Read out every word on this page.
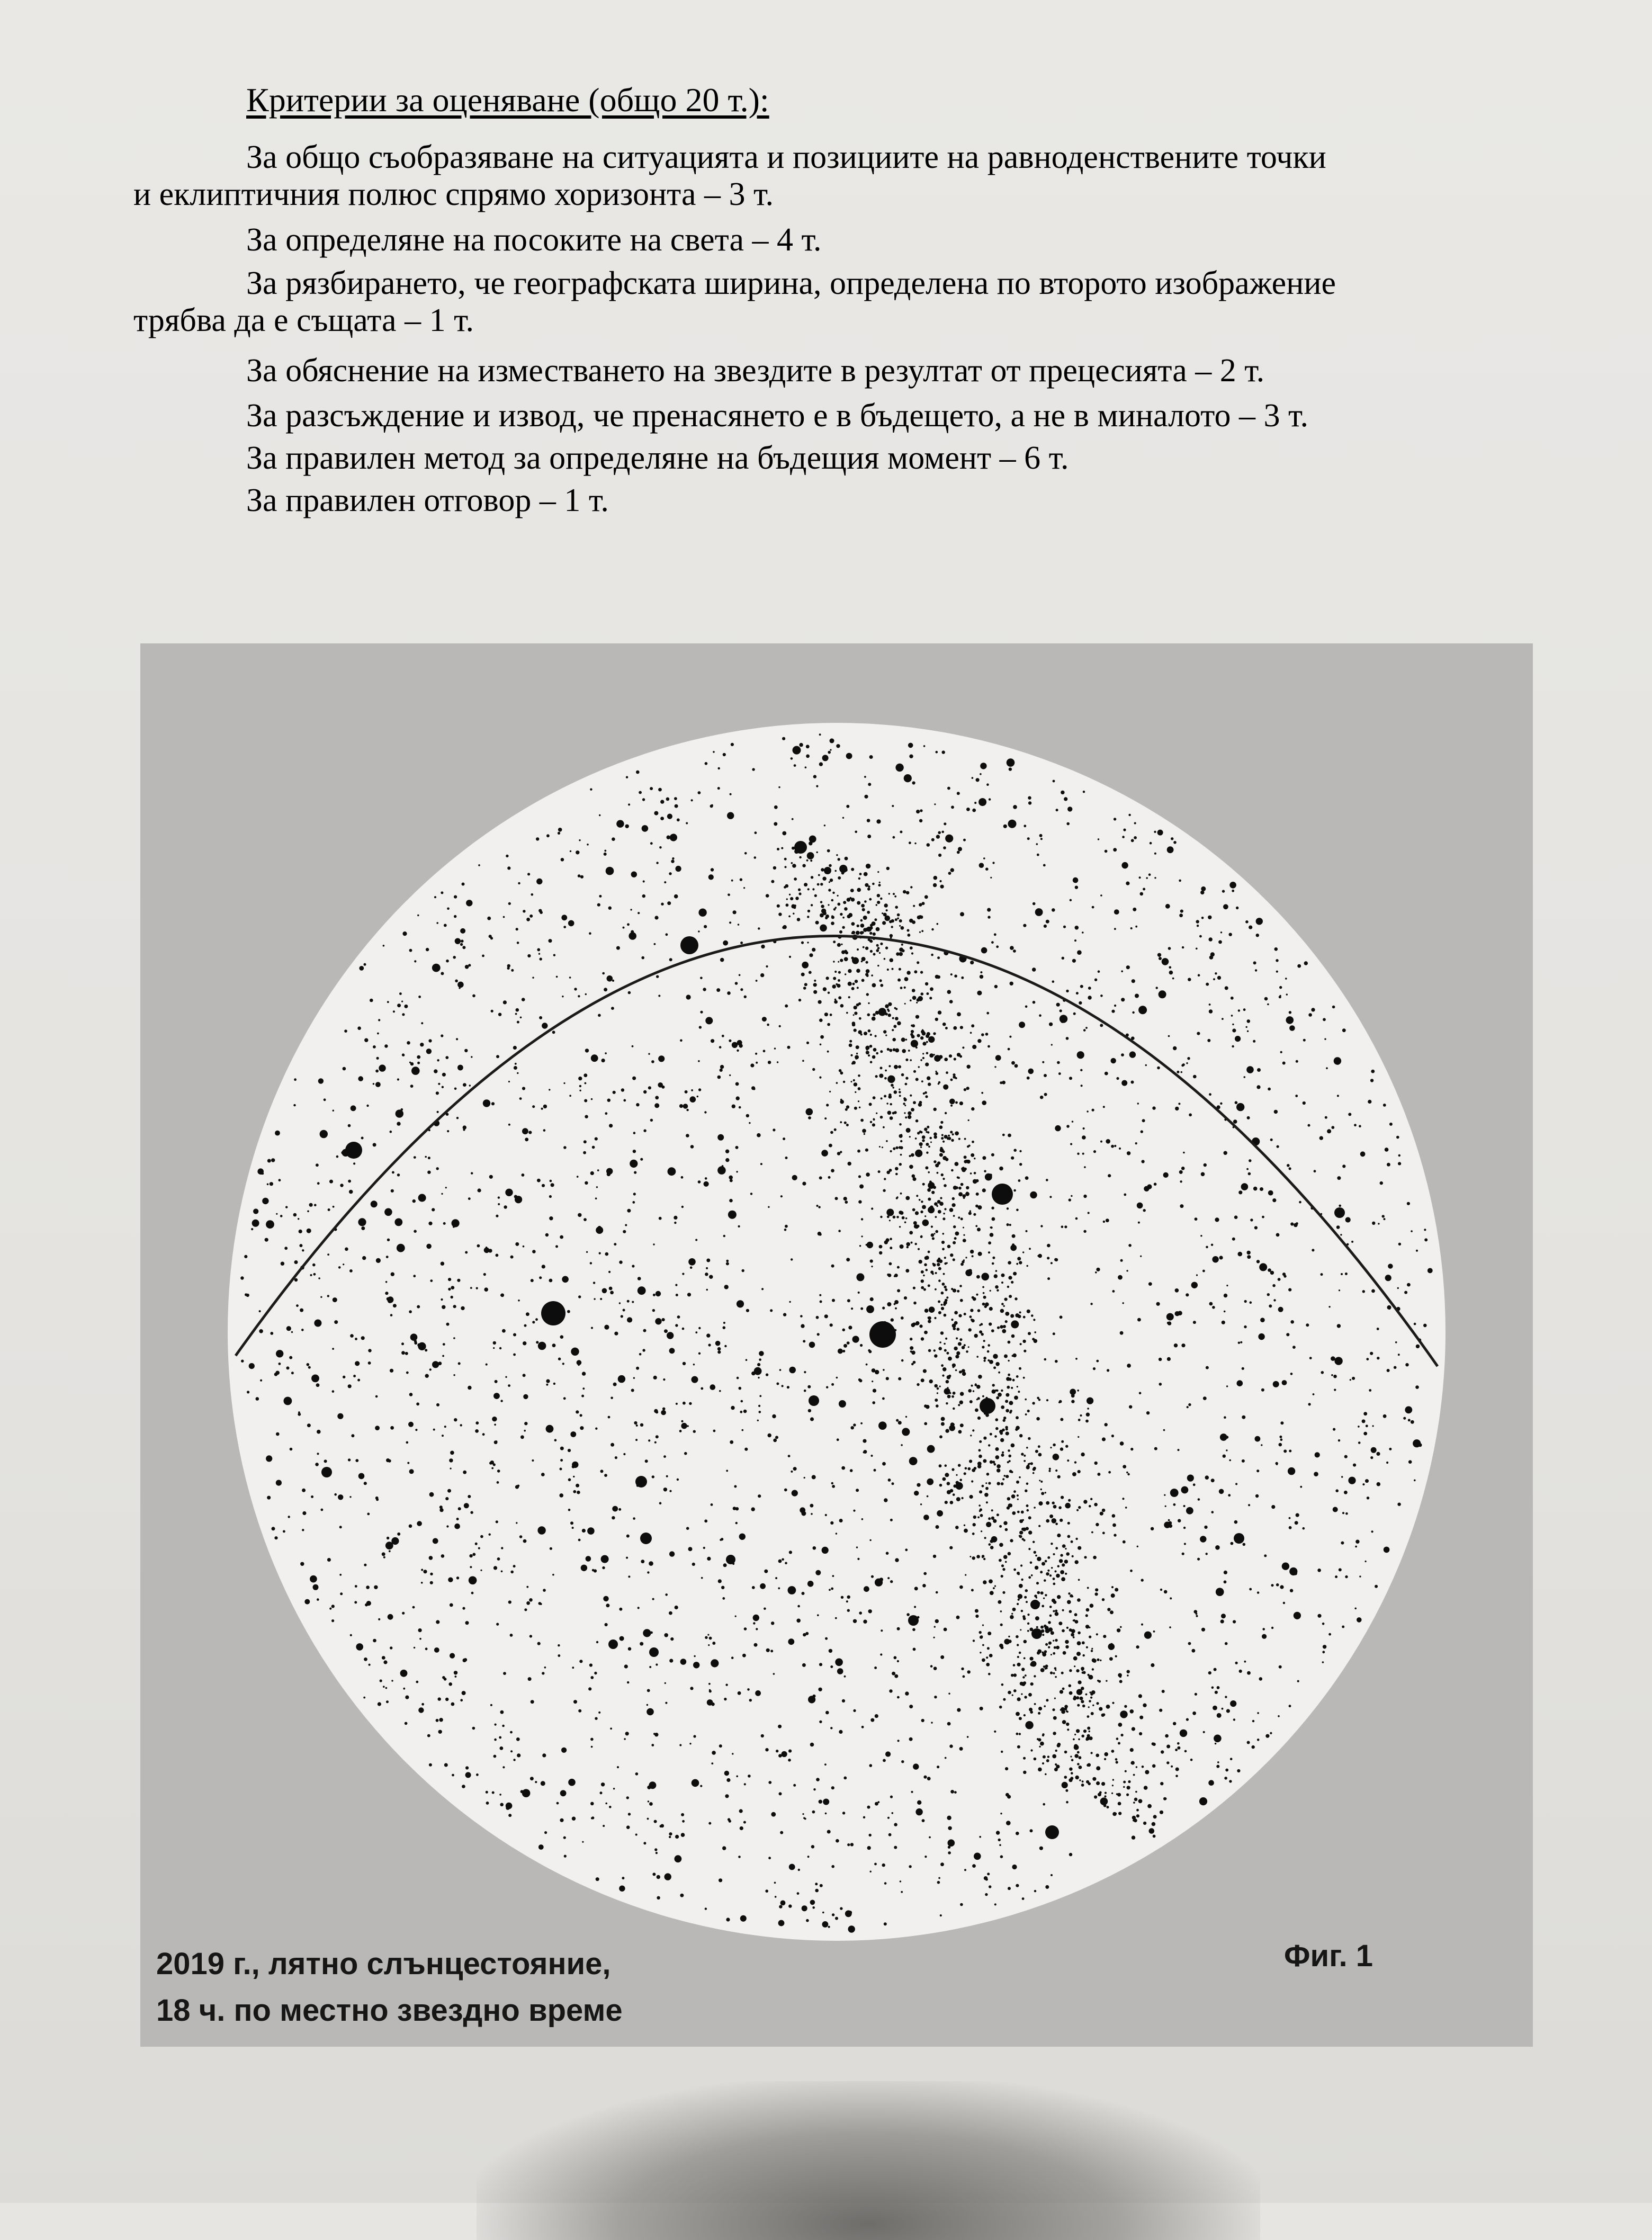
Критерии за оценяване (общо 20 т.):
За общо съобразяване на ситуацията и позициите на равноденствените точки
и еклиптичния полюс спрямо хоризонта – 3 т.
За определяне на посоките на света – 4 т.
За рязбирането, че географската ширина, определена по второто изображение
трябва да е същата – 1 т.
За обяснение на изместването на звездите в резултат от прецесията – 2 т.
За разсъждение и извод, че пренасянето е в бъдещето, а не в миналото – 3 т.
За правилен метод за определяне на бъдещия момент – 6 т.
За правилен отговор – 1 т.
2019 г., лятно слънцестояние,
18 ч. по местно звездно време
Фиг. 1
